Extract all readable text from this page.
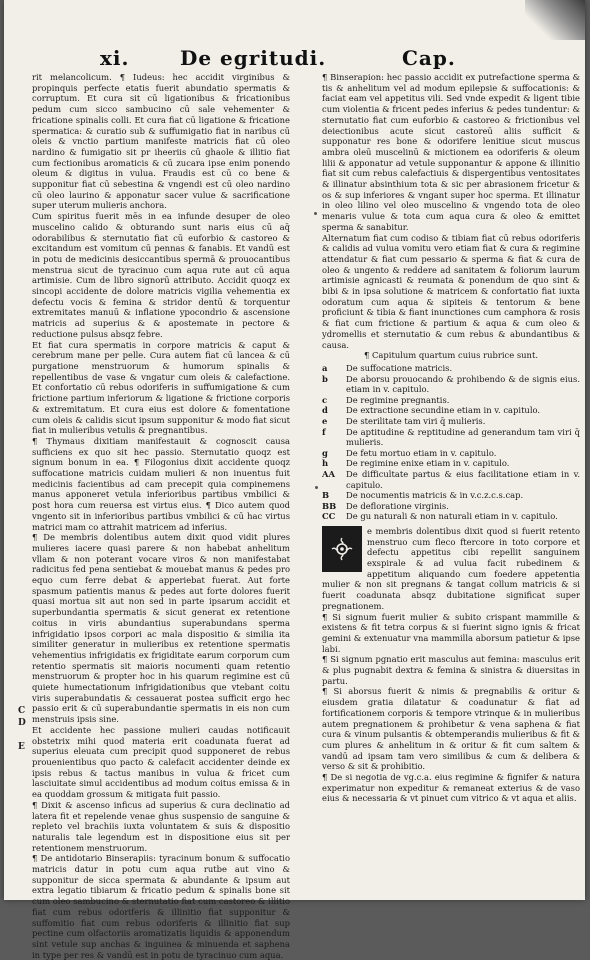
xi.	De egritudi.	Cap.

rit melancolicum. ¶ Iudeus: hec accidit virginibus & propinquis perfecte etatis fuerit abundatio spermatis & corruptum. Et cura sit cū ligationibus & fricationibus pedum cum sicco sambucino cū sale vehementer & fricatione spinalis colli. Et cura fiat cū ligatione & fricatione spermatica: & curatio sub & suffumigatio fiat in naribus cū oleis & vnctio partium manifeste matricis fiat cū oleo nardino & fumigatio sit pr iheeriis cū ghaole & illitio fiat cum fectionibus aromaticis & cū zucara ipse enim ponendo oleum & digitus in vulua. Fraudis est cū co bene & supponitur fiat cū sebestina & vngendi est cū oleo nardino cū oleo laurino & apponatur sacer vulue & sacrificatione super uterum mulieris anchora.

Cum spiritus fuerit mēs in ea infunde desuper de oleo muscelino calido & obturando sunt naris eius cū aq̄ odorabilibus & sternutatio fiat cū euforbio & castoreo & excitandum est vomitum cū pennas & fanabis. Et vandū est in potu de medicinis desiccantibus spermā & prouocantibus menstrua sicut de tyracinuo cum aqua rute aut cū aqua artimisie. Cum de libro signorū attributo. Accidit quoqz ex sincopi accidente de dolore matricis vigilia vehementia ex defectu vocis & femina & stridor dentū & torquentur extremitates manuū & inflatione ypocondrio & ascensione matricis ad superius & & apostemate in pectore & reductione pulsus absqz febre.

Et fiat cura spermatis in corpore matricis & caput & cerebrum mane per pelle. Cura autem fiat cū lancea & cū purgatione menstruorum & humorum spinalis & repellentibus de vase & vngatur cum oleis & calefactione. Et confortatio cū rebus odoriferis in suffumigatione & cum frictione partium inferiorum & ligatione & frictione corporis & extremitatum. Et cura eius est dolore & fomentatione cum oleis & calidis sicut ipsum supponitur & modo fiat sicut fiat in mulieribus vetulis & pregnantibus.

¶ Thymaus dixitiam manifestauit & cognoscit causa sufficiens ex quo sit hec passio. Sternutatio quoqz est signum bonum in ea. ¶ Filogonius dixit accidente quoqz suffocatione matricis cuidam mulieri & non inuentus fuit medicinis facientibus ad cam precepit quia compinemens manus apponeret vetula inferioribus partibus vmbilici & post hora cum reuersa est virtus eius. ¶ Dico autem quod vngento sit in inferioribus partibus vmbilici & cū hac virtus matrici mam co attrahit matricem ad inferius.

¶ De membris dolentibus autem dixit quod vidit plures mulieres iacere quasi parere & non habebat anhelitum vllam & non poterant vocare viros & non manifestabat radicitus fed pena sentiebat & mouebat manus & pedes pro equo cum ferre debat & apperiebat fuerat. Aut forte spasmum patientis manus & pedes aut forte dolores fuerit quasi mortua sit aut non sed in parte ipsarum accidit et superbundantia spermatis & sicut generat ex retentione coitus in viris abundantius superabundans sperma infrigidatio ipsos corpori ac mala dispositio & similia ita similiter generatur in mulieribus ex retentione spermatis vehementius infrigidatis ex frigiditate earum corporum cum retentio spermatis sit maioris nocumenti quam retentio menstruorum & propter hoc in his quarum regimine est cū quiete humectationum infrigidationibus que vtebant coitu viris superabundatis & cessauerat postea sufficit ergo hec passio erit & cū superabundantie spermatis in eis non cum menstruis ipsis sine.

Et accidente hec passione mulieri caudas notificauit obstetrix mihi quod materia erit coadunata fuerat ad superius eleuata cum precipit quod supponeret de rebus prouenientibus quo pacto & calefacit accidenter deinde ex ipsis rebus & tactus manibus in vulua & fricet cum lasciuitate simul accidentibus ad modum coitus emissa & in ea quoddam grossum & mitigata fuit passio.

¶ Dixit & ascenso inficus ad superius & cura declinatio ad latera fit et repelende venae ghus suspensio de sanguine & repleto vel brachiis iuxta voluntatem & suis & dispositio naturalis tale legendum est in dispositione eius sit per retentionem menstruorum.

¶ De antidotario Binserapiis: tyracinum bonum & suffocatio matricis datur in potu cum aqua rutbe aut vino & supponitur de sicca spermata & abundante & ipsum aut extra legatio tibiarum & fricatio pedum & spinalis bone sit cum oleo sambucino & sternutatio fiat cum castoreo & illitio fiat cum rebus odoriferis & illinitio fiat supponitur & suffomitio fiat cum rebus odoriferis & illinitio fiat sup pectine cum olfactoriis aromatizatis liquidis & apponendum sint vetule sup anchas & inguinea & minuenda et saphena in type per res & vandū est in potu de tyracinuo cum aqua.

C
D
E

¶ Binserapion: hec passio accidit ex putrefactione sperma & tis & anhelitum vel ad modum epilepsie & suffocationis: & faciat eam vel appetitus vili. Sed vnde expedit & ligent tibie cum violentia & fricent pedes inferius & pedes tundentur: & sternutatio fiat cum euforbio & castoreo & frictionibus vel deiectionibus acute sicut castoreū aliis sufficit & supponatur res bone & odorifere lenitiue sicut muscus ambra oleū muscelinū & mictionem ea odoriferis & oleum lilii & apponatur ad vetule supponantur & appone & illinitio fiat sit cum rebus calefactiuis & dispergentibus ventositates & illinatur absinthium tota & sic per abrasionem fricetur & os & sup inferiores & vngant super hoc sperma. Et illinatur in oleo lilino vel oleo muscelino & vngendo tota de oleo menaris vulue & tota cum aqua cura & oleo & emittet sperma & sanabitur.

Alternatum fiat cum codiso & tibiam fiat cū rebus odoriferis & calidis ad vulua vomitu vero etiam fiat & cura & regimine attendatur & fiat cum pessario & sperma & fiat & cura de oleo & ungento & reddere ad sanitatem & foliorum laurum artimisie agnicasti & reumata & ponendum de quo sint & bibi & in ipsa solutione & matricem & confortatio fiat iuxta odoratum cum aqua & sipiteis & tentorum & bene proficiunt & tibia & fiant inunctiones cum camphora & rosis & fiat cum frictione & partium & aqua & cum oleo & ydromellis et sternutatio & cum rebus & abundantibus & causa.

¶ Capitulum quartum cuius rubrice sunt.

a	De suffocatione matricis.
b	De aborsu prouocando & prohibendo & de signis eius. etiam in v. capitulo.
c	De regimine pregnantis.
d	De extractione secundine etiam in v. capitulo.
e	De sterilitate tam viri q̄ mulieris.
f	De aptitudine & reptitudine ad generandum tam viri q̄ mulieris.
g	De fetu mortuo etiam in v. capitulo.
h	De regimine enixe etiam in v. capitulo.
AA	De difficultate partus & eius facilitatione etiam in v. capitulo.
B	De nocumentis matricis & in v.c.z.c.s.cap.
BB De defloratione virginis.
CC	De gu naturali & non naturali etiam in v. capitulo.

e membris dolentibus dixit quod si fuerit retento menstruo cum fleco ftercore in toto corpore et defectu appetitus cibi repellit sanguinem exspirale & ad vulua facit rubedinem & appetitum aliquando cum foedere appetentia mulier & non sit pregnans & tangat collum matricis & si fuerit coadunata absqz dubitatione significat super pregnationem.

¶ Si signum fuerit mulier & subito crispant mammille & existens & fit tetra corpus & si fuerint signo ignis & fricat gemini & extenuatur vna mammilla aborsum patietur & ipse labi.

¶ Si signum pgnatio erit masculus aut femina: masculus erit & plus pugnabit dextra & femina & sinistra & diuersitas in partu.

¶ Si aborsus fuerit & nimis & pregnabilis & oritur & eiusdem gratia dilatatur & coadunatur & fiat ad fortificationem corporis & tempore vtrinque & in mulieribus autem pregnationem & prohibetur & vena saphena & fiat cura & vinum pulsantis & obtemperandis mulieribus & fit & cum plures & anhelitum in & oritur & fit cum saltem & vandū ad ipsam tam vero similibus & cum & delibera & verso & sit & prohibitio.

¶ De si negotia de vg.c.a. eius regimine & fignifer & natura experimatur non expeditur & remaneat exterius & de vaso eius & necessaria & vt pinuet cum vitrico & vt aqua et aliis.
